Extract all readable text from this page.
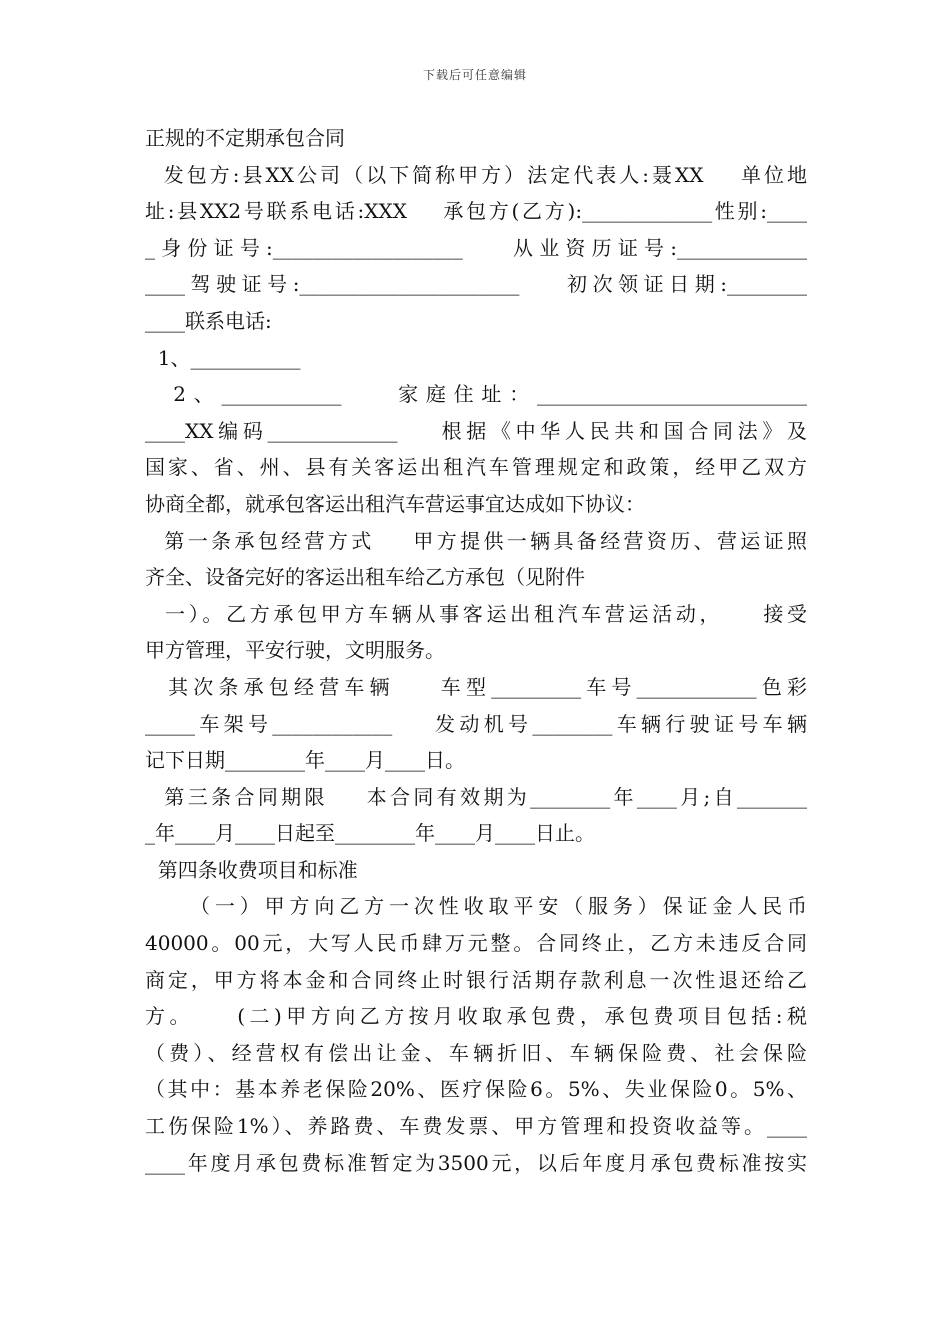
下载后可任意编辑
正规的不定期承包合同
发包方:县XX公司（以下简称甲方）法定代表人:聂XX    单位地
址:县XX2号联系电话:XXX    承包方(乙方):_____________性别:____
_身份证号:___________________    从业资历证号:_____________
____驾驶证号:______________________    初次领证日期:________
____联系电话:
1、___________
2、____________    家庭住址：___________________________
____XX编码_____________    根据《中华人民共和国合同法》及
国家、省、州、县有关客运出租汽车管理规定和政策，经甲乙双方
协商全都，就承包客运出租汽车营运事宜达成如下协议：
第一条承包经营方式    甲方提供一辆具备经营资历、营运证照
齐全、设备完好的客运出租车给乙方承包（见附件
一）。乙方承包甲方车辆从事客运出租汽车营运活动，    接受
甲方管理，平安行驶，文明服务。
其次条承包经营车辆    车型_________车号____________色彩
_____车架号____________    发动机号________车辆行驶证号车辆
记下日期________年____月____日。
第三条合同期限    本合同有效期为________年____月;自_______
_年____月____日起至________年____月____日止。
第四条收费项目和标准
（一）甲方向乙方一次性收取平安（服务）保证金人民币
40000。00元，大写人民币肆万元整。合同终止，乙方未违反合同
商定，甲方将本金和合同终止时银行活期存款利息一次性退还给乙
方。    (二)甲方向乙方按月收取承包费，承包费项目包括:税
（费）、经营权有偿出让金、车辆折旧、车辆保险费、社会保险
（其中：基本养老保险20%、医疗保险6。5%、失业保险0。5%、
工伤保险1%）、养路费、车费发票、甲方管理和投资收益等。____
____年度月承包费标准暂定为3500元，以后年度月承包费标准按实
